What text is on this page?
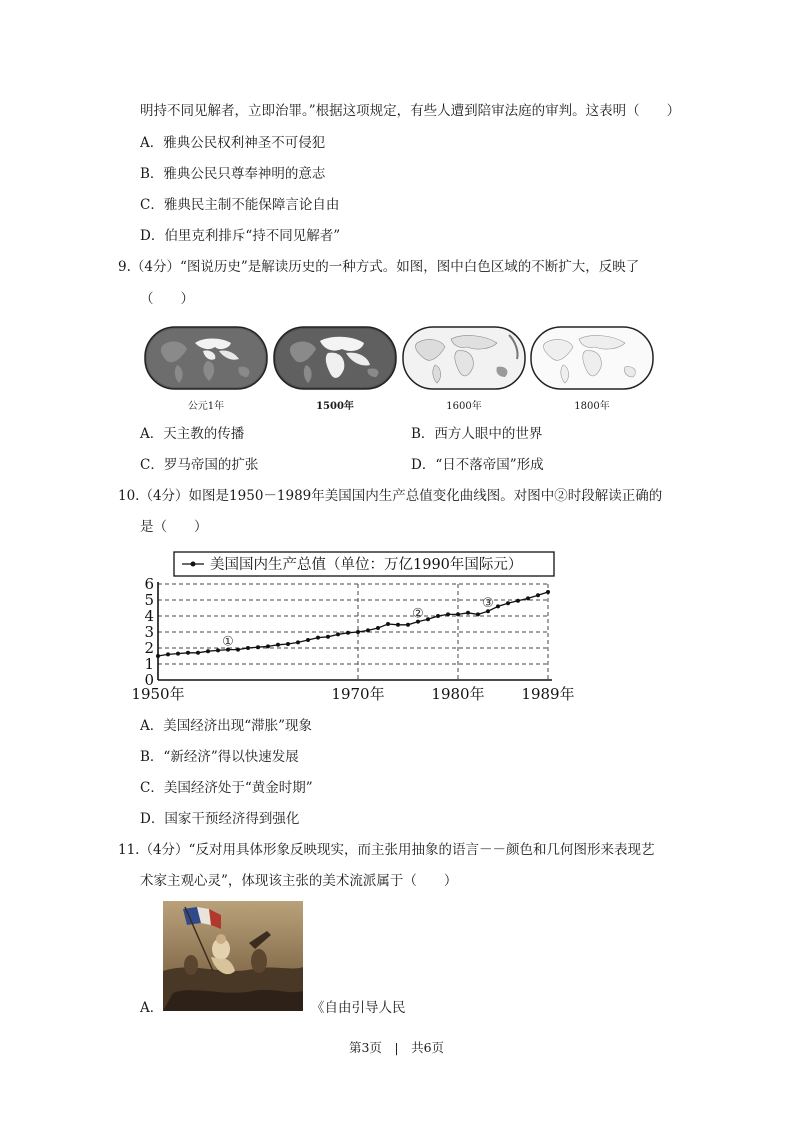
明持不同见解者，立即治罪。”根据这项规定，有些人遭到陪审法庭的审判。这表明（　　）
A．雅典公民权利神圣不可侵犯
B．雅典公民只尊奉神明的意志
C．雅典民主制不能保障言论自由
D．伯里克利排斥“持不同见解者”
9.（4分）“图说历史”是解读历史的一种方式。如图，图中白色区域的不断扩大，反映了
（　　）
公元1年	1500年	1600年	1800年
A．天主教的传播	B．西方人眼中的世界
C．罗马帝国的扩张	D．“日不落帝国”形成
10.（4分）如图是1950－1989年美国国内生产总值变化曲线图。对图中②时段解读正确的
是（　　）
0
1
2
3
4
5
6
1950年	1970年	1980年 1989年
①
②
③
美国国内生产总值（单位：万亿1990年国际元）
A．美国经济出现“滞胀”现象
B．“新经济”得以快速发展
C．美国经济处于“黄金时期”
D．国家干预经济得到强化
11.（4分）“反对用具体形象反映现实，而主张用抽象的语言－－颜色和几何图形来表现艺
术家主观心灵”，体现该主张的美术流派属于（　　）
A．	《自由引导人民
第3页　|　共6页
